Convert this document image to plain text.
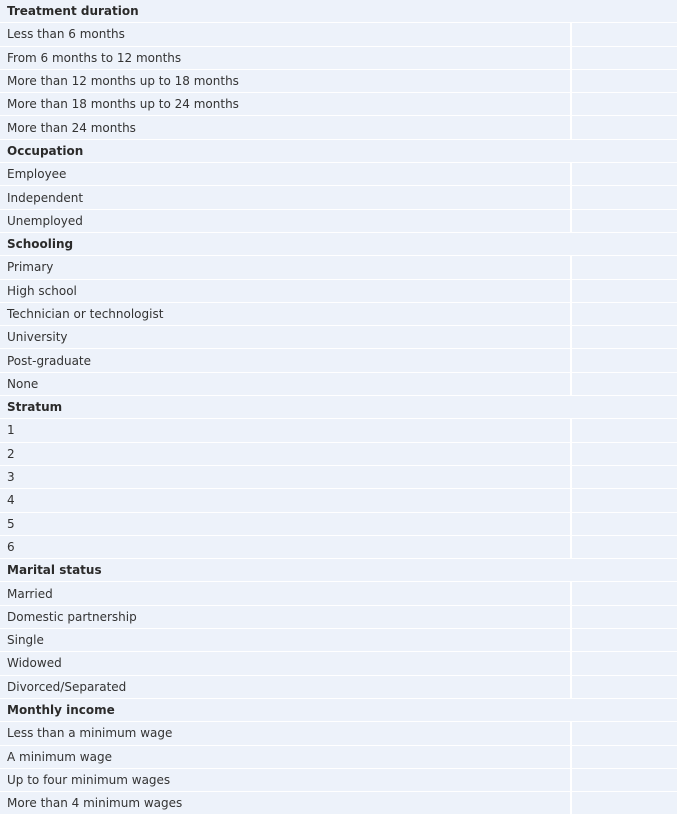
Treatment duration	
Less than 6 months	
From 6 months to 12 months	
More than 12 months up to 18 months	
More than 18 months up to 24 months	
More than 24 months	
Occupation	
Employee	
Independent	
Unemployed	
Schooling	
Primary	
High school	
Technician or technologist	
University	
Post-graduate	
None	
Stratum	
1	
2	
3	
4	
5	
6	
Marital status	
Married	
Domestic partnership	
Single	
Widowed	
Divorced/Separated	
Monthly income	
Less than a minimum wage	
A minimum wage	
Up to four minimum wages	
More than 4 minimum wages	
